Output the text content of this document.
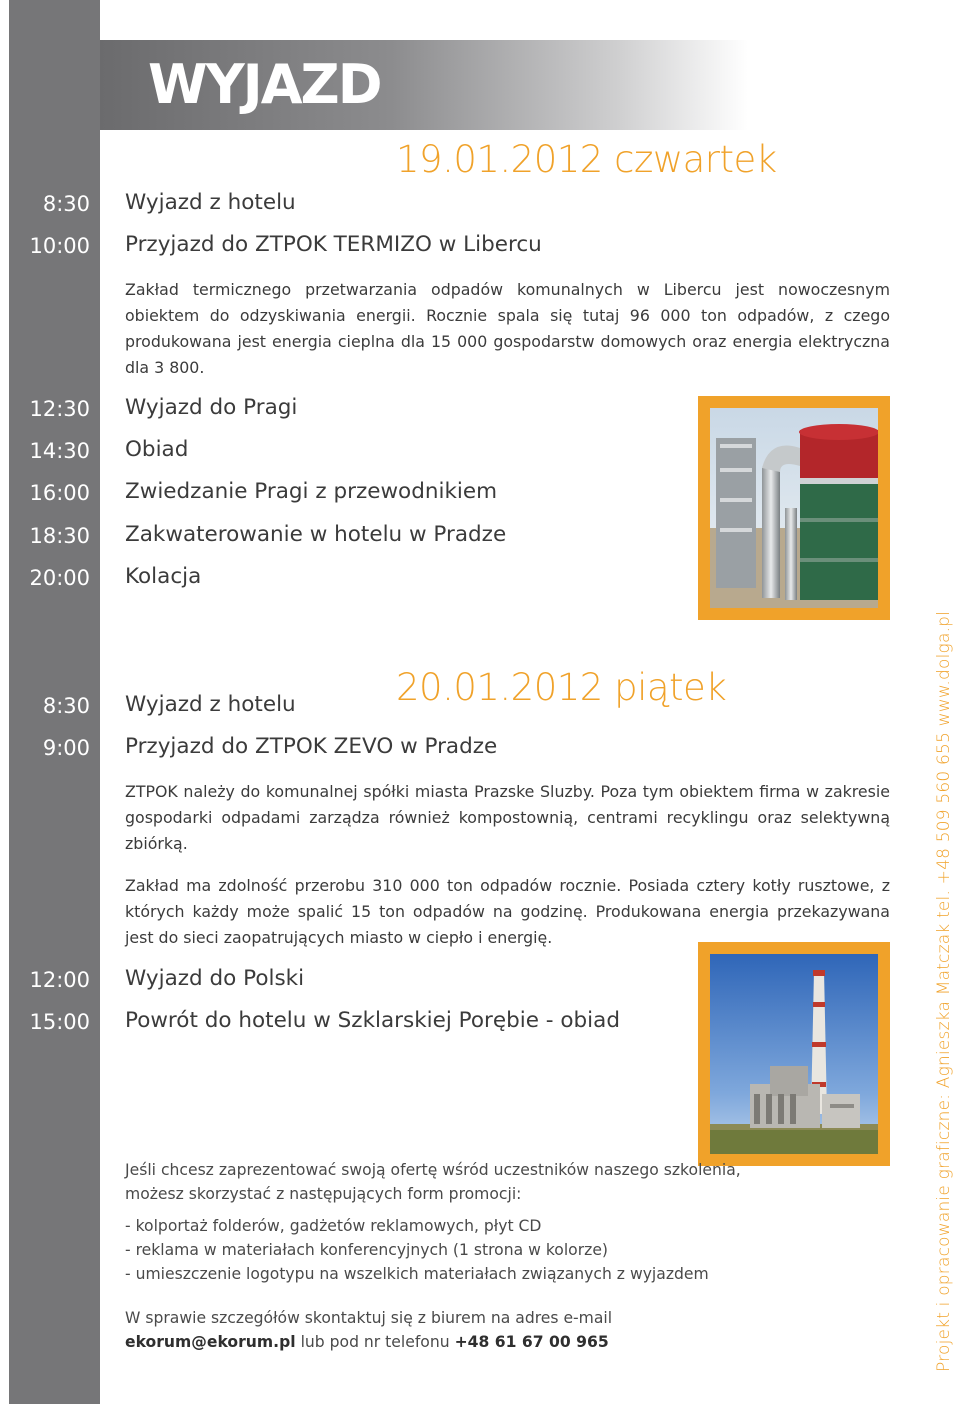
WYJAZD
19.01.2012 czwartek
8:30 Wyjazd z hotelu
10:00 Przyjazd do ZTPOK TERMIZO w Libercu
Zakład termicznego przetwarzania odpadów komunalnych w Libercu jest nowoczesnym obiektem do odzyskiwania energii. Rocznie spala się tutaj 96 000 ton odpadów, z czego produkowana jest energia cieplna dla 15 000 gospodarstw domowych oraz energia elektryczna dla 3 800.
12:30 Wyjazd do Pragi
14:30 Obiad
16:00 Zwiedzanie Pragi z przewodnikiem
18:30 Zakwaterowanie w hotelu w Pradze
20:00 Kolacja
20.01.2012 piątek
8:30 Wyjazd z hotelu
9:00 Przyjazd do ZTPOK ZEVO w Pradze
ZTPOK należy do komunalnej spółki miasta Prazske Sluzby. Poza tym obiektem firma w zakresie gospodarki odpadami zarządza również kompostownią, centrami recyklingu oraz selektywną zbiórką.
Zakład ma zdolność przerobu 310 000 ton odpadów rocznie. Posiada cztery kotły rusztowe, z których każdy może spalić 15 ton odpadów na godzinę. Produkowana energia przekazywana jest do sieci zaopatrujących miasto w ciepło i energię.
12:00 Wyjazd do Polski
15:00 Powrót do hotelu w Szklarskiej Porębie - obiad
Jeśli chcesz zaprezentować swoją ofertę wśród uczestników naszego szkolenia, możesz skorzystać z następujących form promocji:
- kolportaż folderów, gadżetów reklamowych, płyt CD
- reklama w materiałach konferencyjnych (1 strona w kolorze)
- umieszczenie logotypu na wszelkich materiałach związanych z wyjazdem
W sprawie szczegółów skontaktuj się z biurem na adres e-mail
ekorum@ekorum.pl lub pod nr telefonu +48 61 67 00 965	Projekt i opracowanie graficzne: Agnieszka Matczak tel. +48 509 560 655 www.dolga.pl
